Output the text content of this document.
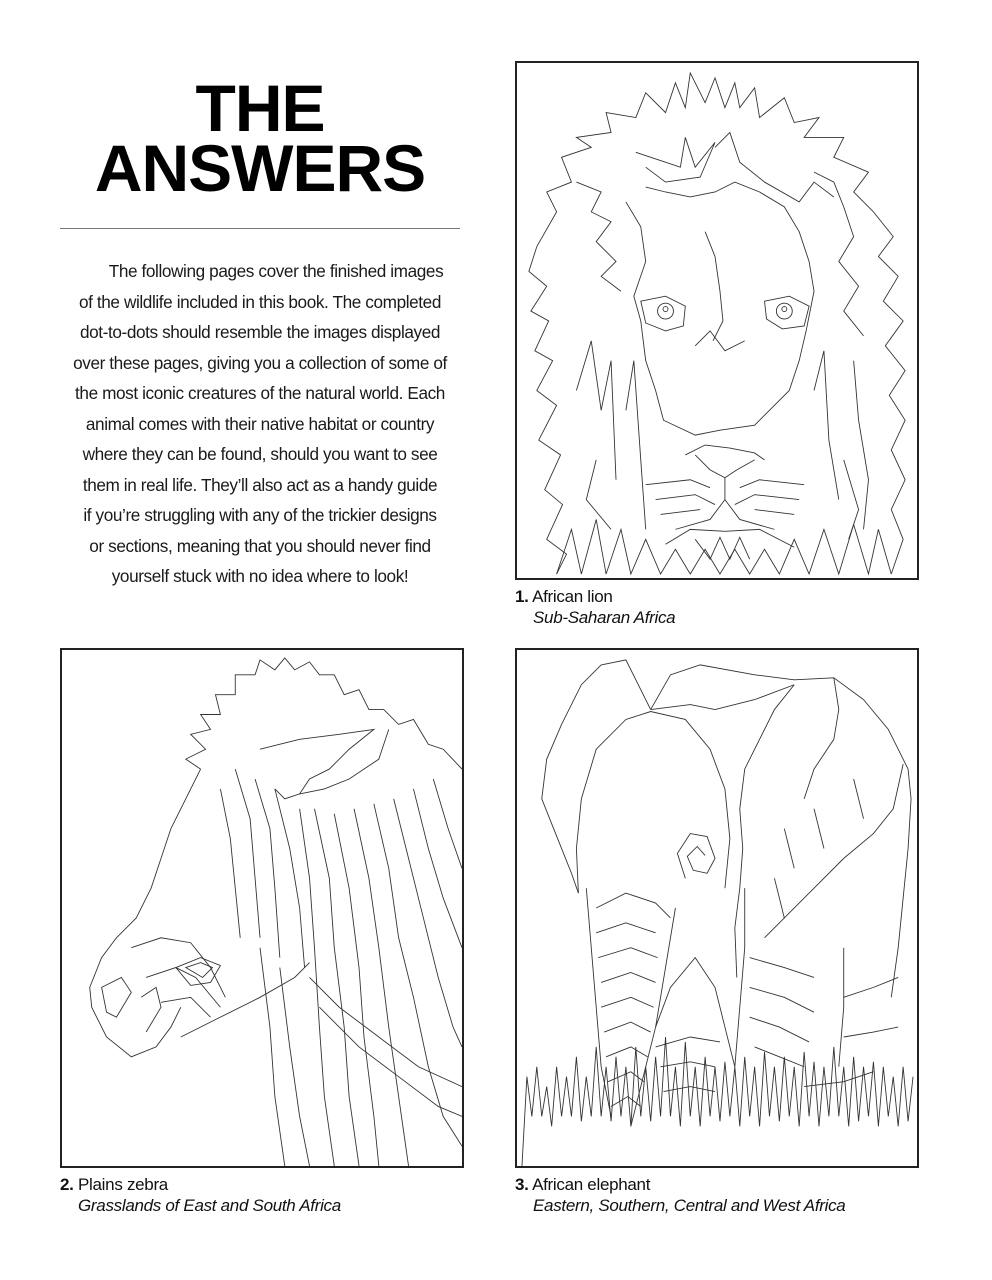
THE
ANSWERS

The following pages cover the finished images

of the wildlife included in this book. The completed

dot-to-dots should resemble the images displayed

over these pages, giving you a collection of some of

the most iconic creatures of the natural world. Each

animal comes with their native habitat or country

where they can be found, should you want to see

them in real life. They’ll also act as a handy guide

if you’re struggling with any of the trickier designs

or sections, meaning that you should never find

yourself stuck with no idea where to look!

1. African lion
Sub-Saharan Africa
2. Plains zebra
Grasslands of East and South Africa
3. African elephant
Eastern, Southern, Central and West Africa
